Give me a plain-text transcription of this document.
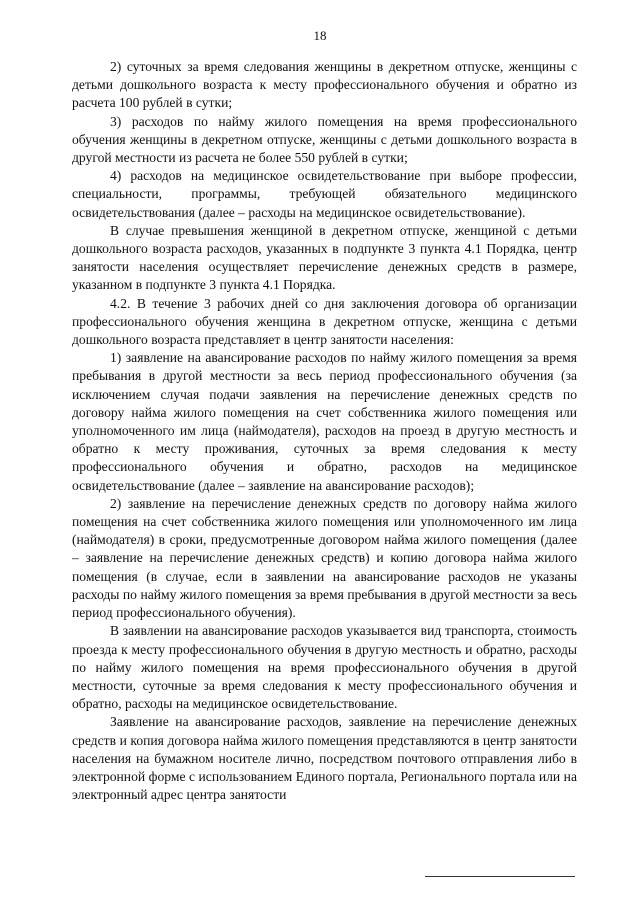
18

2) суточных за время следования женщины в декретном отпуске, женщины с детьми дошкольного возраста к месту профессионального обучения и обратно из расчета 100 рублей в сутки;

3) расходов по найму жилого помещения на время профессионального обучения женщины в декретном отпуске, женщины с детьми дошкольного возраста в другой местности из расчета не более 550 рублей в сутки;

4) расходов на медицинское освидетельствование при выборе профессии, специальности, программы, требующей обязательного медицинского освидетельствования (далее – расходы на медицинское освидетельствование).

В случае превышения женщиной в декретном отпуске, женщиной с детьми дошкольного возраста расходов, указанных в подпункте 3 пункта 4.1 Порядка, центр занятости населения осуществляет перечисление денежных средств в размере, указанном в подпункте 3 пункта 4.1 Порядка.

4.2. В течение 3 рабочих дней со дня заключения договора об организации профессионального обучения женщина в декретном отпуске, женщина с детьми дошкольного возраста представляет в центр занятости населения:

1) заявление на авансирование расходов по найму жилого помещения за время пребывания в другой местности за весь период профессионального обучения (за исключением случая подачи заявления на перечисление денежных средств по договору найма жилого помещения на счет собственника жилого помещения или уполномоченного им лица (наймодателя), расходов на проезд в другую местность и обратно к месту проживания, суточных за время следования к месту профессионального обучения и обратно, расходов на медицинское освидетельствование (далее – заявление на авансирование расходов);

2) заявление на перечисление денежных средств по договору найма жилого помещения на счет собственника жилого помещения или уполномоченного им лица (наймодателя) в сроки, предусмотренные договором найма жилого помещения (далее – заявление на перечисление денежных средств) и копию договора найма жилого помещения (в случае, если в заявлении на авансирование расходов не указаны расходы по найму жилого помещения за время пребывания в другой местности за весь период профессионального обучения).

В заявлении на авансирование расходов указывается вид транспорта, стоимость проезда к месту профессионального обучения в другую местность и обратно, расходы по найму жилого помещения на время профессионального обучения в другой местности, суточные за время следования к месту профессионального обучения и обратно, расходы на медицинское освидетельствование.

Заявление на авансирование расходов, заявление на перечисление денежных средств и копия договора найма жилого помещения представляются в центр занятости населения на бумажном носителе лично, посредством почтового отправления либо в электронной форме с использованием Единого портала, Регионального портала или на электронный адрес центра занятости
